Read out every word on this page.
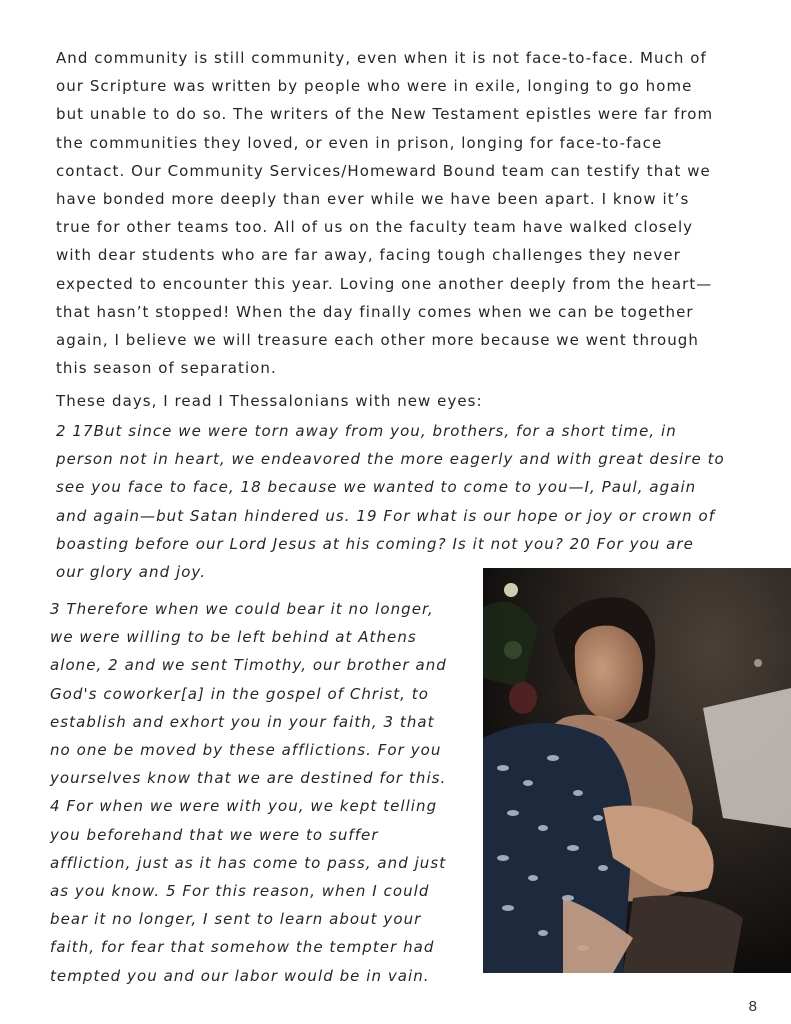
And community is still community, even when it is not face-to-face. Much of
our Scripture was written by people who were in exile, longing to go home
but unable to do so. The writers of the New Testament epistles were far from
the communities they loved, or even in prison, longing for face-to-face
contact. Our Community Services/Homeward Bound team can testify that we
have bonded more deeply than ever while we have been apart. I know it’s
true for other teams too. All of us on the faculty team have walked closely
with dear students who are far away, facing tough challenges they never
expected to encounter this year. Loving one another deeply from the heart—
that hasn’t stopped! When the day finally comes when we can be together
again, I believe we will treasure each other more because we went through
this season of separation.
These days, I read I Thessalonians with new eyes:
2 17But since we were torn away from you, brothers, for a short time, in
person not in heart, we endeavored the more eagerly and with great desire to
see you face to face, 18 because we wanted to come to you—I, Paul, again
and again—but Satan hindered us. 19 For what is our hope or joy or crown of
boasting before our Lord Jesus at his coming? Is it not you? 20 For you are
our glory and joy.
3 Therefore when we could bear it no longer,
we were willing to be left behind at Athens
alone, 2 and we sent Timothy, our brother and
God's coworker[a] in the gospel of Christ, to
establish and exhort you in your faith, 3 that
no one be moved by these afflictions. For you
yourselves know that we are destined for this.
4 For when we were with you, we kept telling
you beforehand that we were to suffer
affliction, just as it has come to pass, and just
as you know. 5 For this reason, when I could
bear it no longer, I sent to learn about your
faith, for fear that somehow the tempter had
tempted you and our labor would be in vain.
8
